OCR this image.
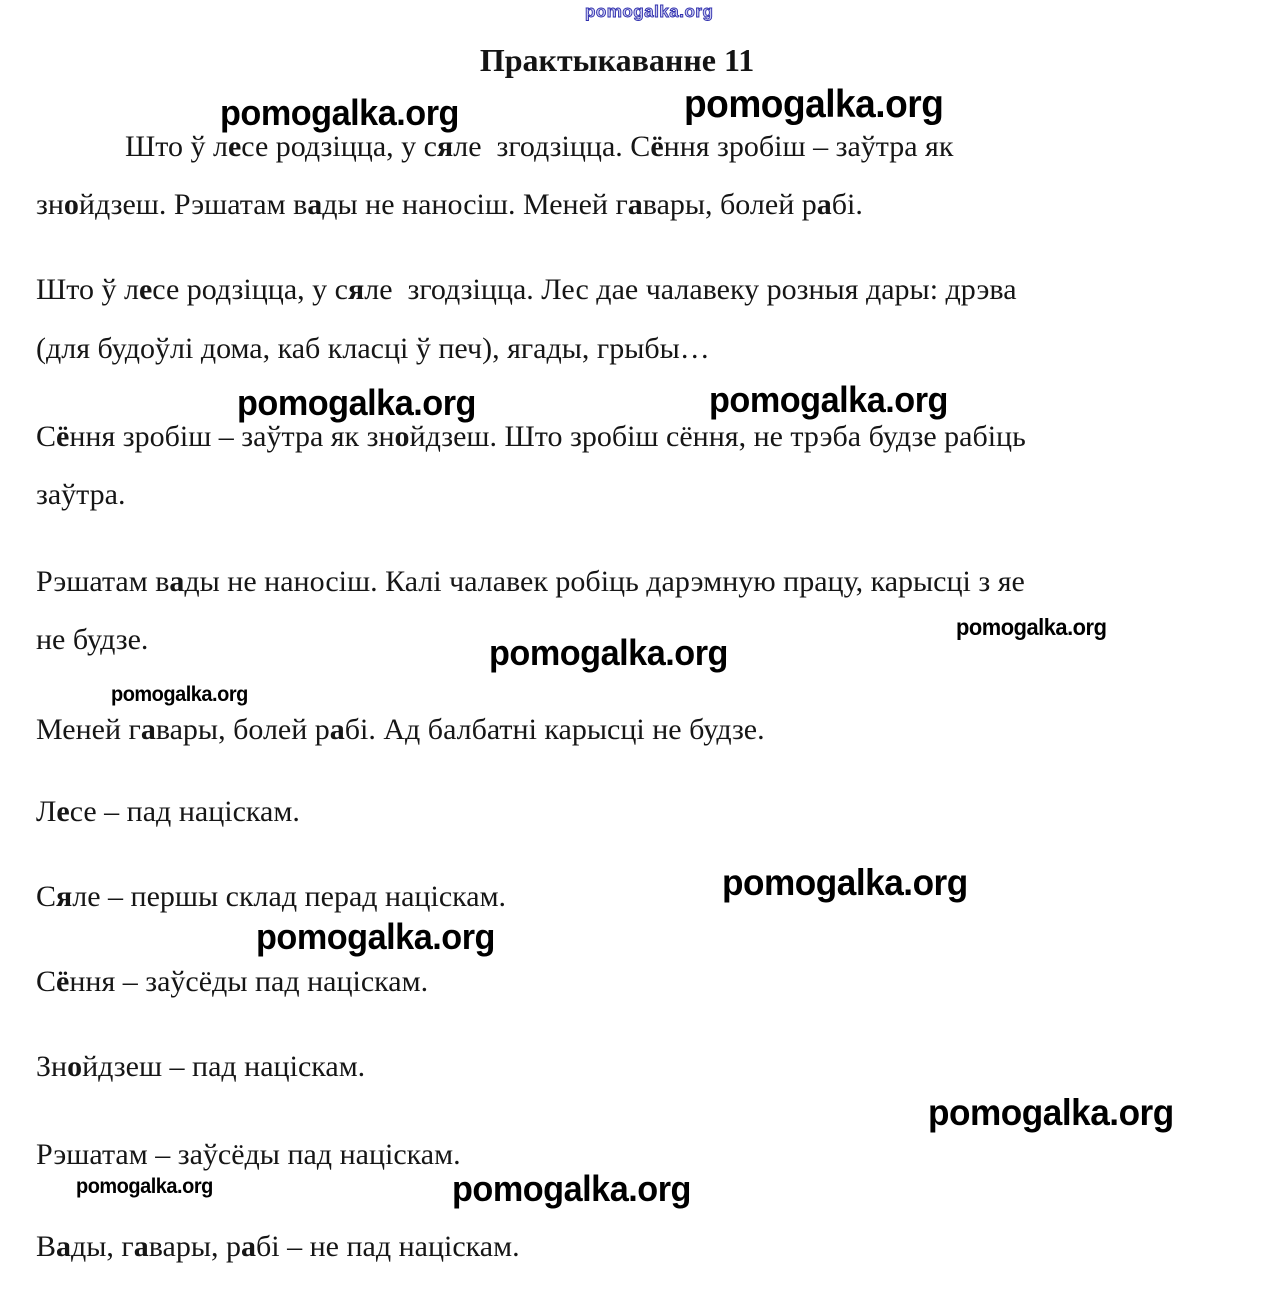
pomogalka.org
pomogalka.org	pomogalka.org
pomogalka.org	pomogalka.org
pomogalka.org
pomogalka.org
pomogalka.org
pomogalka.org
pomogalka.org
pomogalka.org
pomogalka.org	pomogalka.org
Практыкаванне 11
Што ў лесе родзіцца, у сяле  згодзіцца. Сёння зробіш – заўтра як
знойдзеш. Рэшатам вады не наносіш. Меней гавары, болей рабі.
Што ў лесе родзіцца, у сяле  згодзіцца. Лес дае чалавеку розныя дары: дрэва
(для будоўлі дома, каб класці ў печ), ягады, грыбы…
Сёння зробіш – заўтра як знойдзеш. Што зробіш сёння, не трэба будзе рабіць
заўтра.
Рэшатам вады не наносіш. Калі чалавек робіць дарэмную працу, карысці з яе
не будзе.
Меней гавары, болей рабі. Ад балбатні карысці не будзе.
Лесе – пад націскам.
Сяле – першы склад перад націскам.
Сёння – заўсёды пад націскам.
Знойдзеш – пад націскам.
Рэшатам – заўсёды пад націскам.
Вады, гавары, рабі – не пад націскам.
